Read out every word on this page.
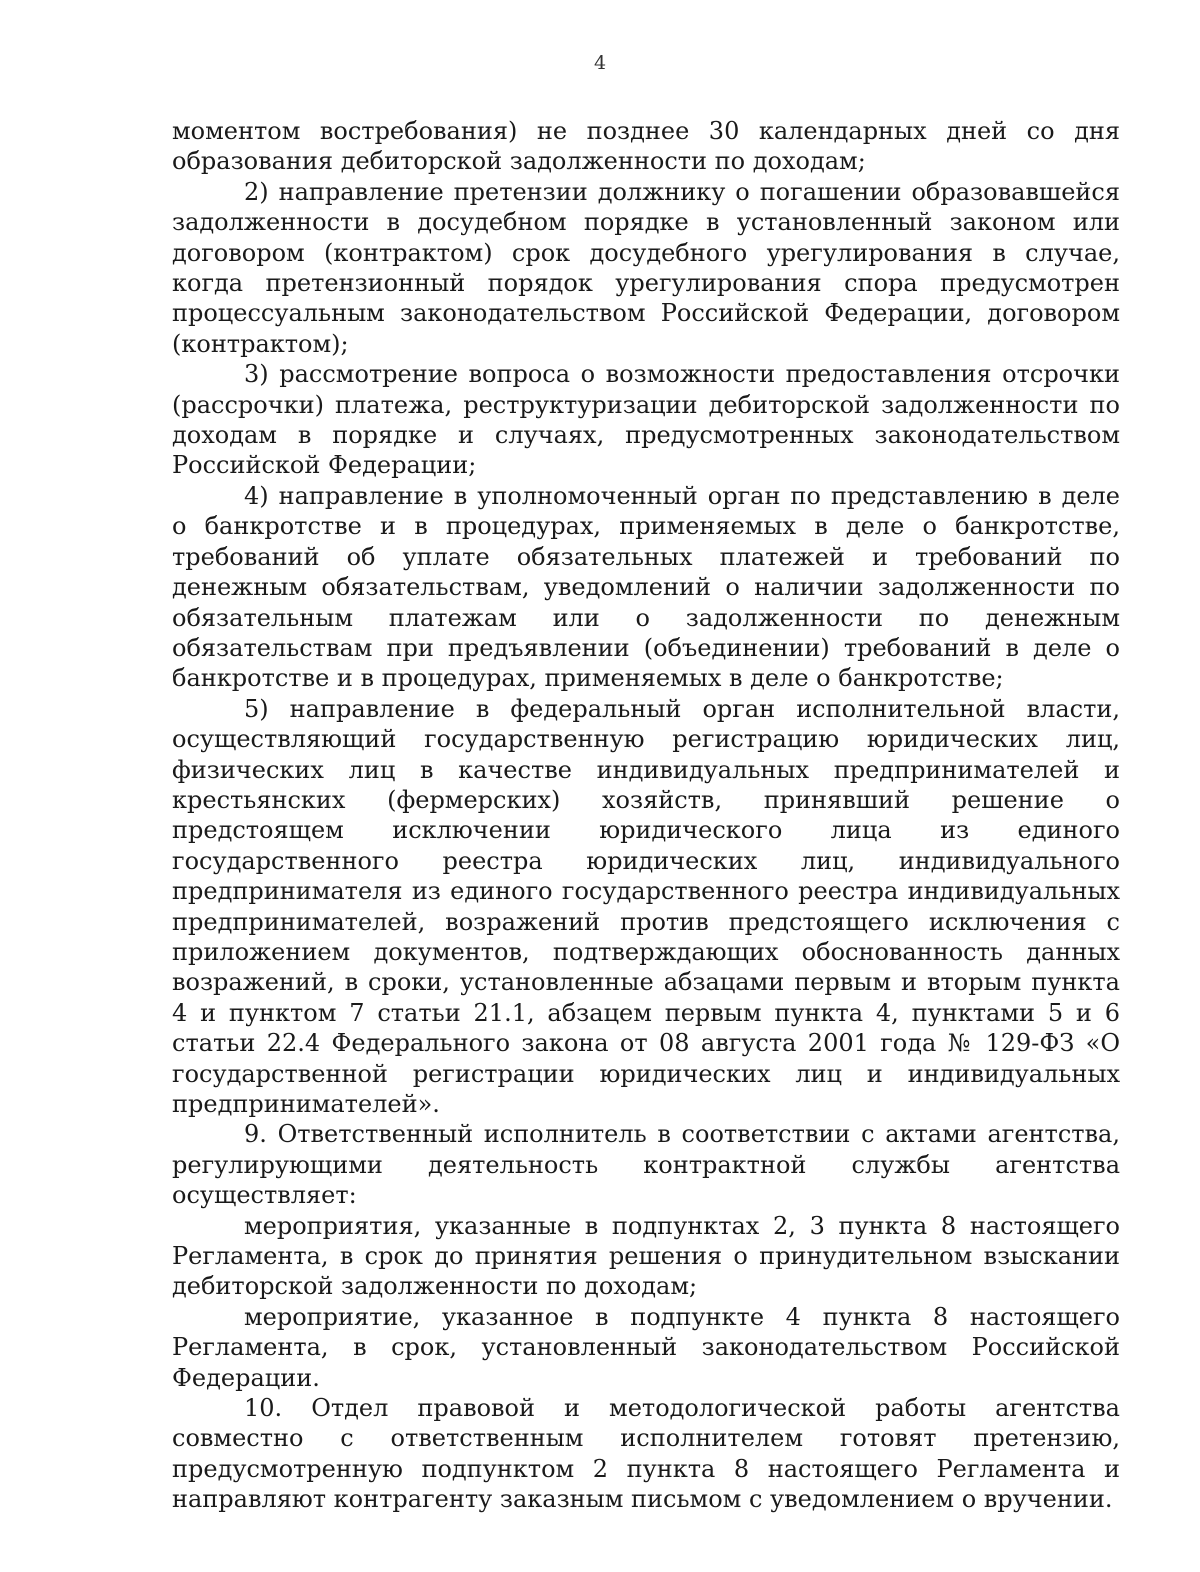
4

моментом востребования) не позднее 30 календарных дней со дня образования дебиторской задолженности по доходам;

2) направление претензии должнику о погашении образовавшейся задолженности в досудебном порядке в установленный законом или договором (контрактом) срок досудебного урегулирования в случае, когда претензионный порядок урегулирования спора предусмотрен процессуальным законодательством Российской Федерации, договором (контрактом);

3) рассмотрение вопроса о возможности предоставления отсрочки (рассрочки) платежа, реструктуризации дебиторской задолженности по доходам в порядке и случаях, предусмотренных законодательством Российской Федерации;

4) направление в уполномоченный орган по представлению в деле о банкротстве и в процедурах, применяемых в деле о банкротстве, требований об уплате обязательных платежей и требований по денежным обязательствам, уведомлений о наличии задолженности по обязательным платежам или о задолженности по денежным обязательствам при предъявлении (объединении) требований в деле о банкротстве и в процедурах, применяемых в деле о банкротстве;

5) направление в федеральный орган исполнительной власти, осуществляющий государственную регистрацию юридических лиц, физических лиц в качестве индивидуальных предпринимателей и крестьянских (фермерских) хозяйств, принявший решение о предстоящем исключении юридического лица из единого государственного реестра юридических лиц, индивидуального предпринимателя из единого государственного реестра индивидуальных предпринимателей, возражений против предстоящего исключения с приложением документов, подтверждающих обоснованность данных возражений, в сроки, установленные абзацами первым и вторым пункта 4 и пунктом 7 статьи 21.1, абзацем первым пункта 4, пунктами 5 и 6 статьи 22.4 Федерального закона от 08 августа 2001 года № 129-ФЗ «О государственной регистрации юридических лиц и индивидуальных предпринимателей».

9. Ответственный исполнитель в соответствии с актами агентства, регулирующими деятельность контрактной службы агентства осуществляет:

мероприятия, указанные в подпунктах 2, 3 пункта 8 настоящего Регламента, в срок до принятия решения о принудительном взыскании дебиторской задолженности по доходам;

мероприятие, указанное в подпункте 4 пункта 8 настоящего Регламента, в срок, установленный законодательством Российской Федерации.

10. Отдел правовой и методологической работы агентства совместно с ответственным исполнителем готовят претензию, предусмотренную подпунктом 2 пункта 8 настоящего Регламента и направляют контрагенту заказным письмом с уведомлением о вручении.
